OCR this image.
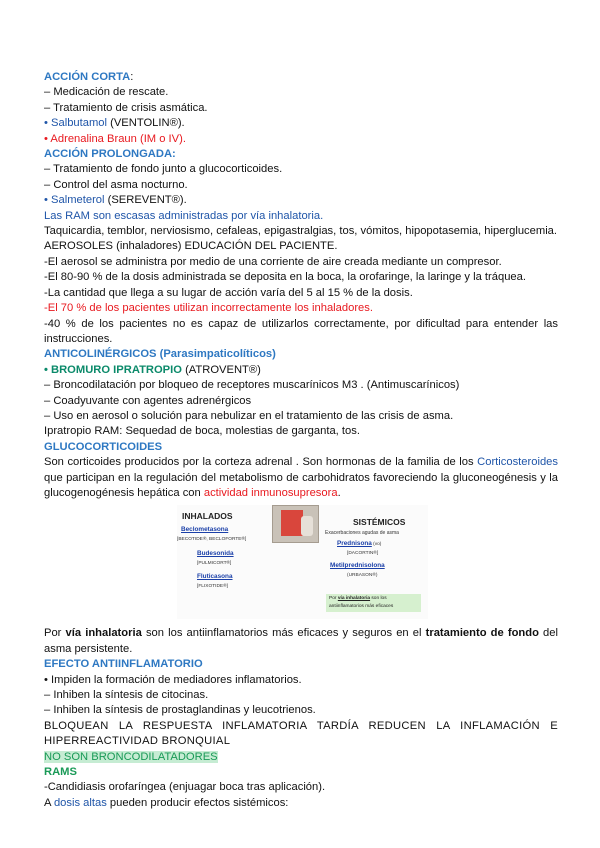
ACCIÓN CORTA:
– Medicación de rescate.
– Tratamiento de crisis asmática.
• Salbutamol (VENTOLIN®).
• Adrenalina Braun (IM o IV).
ACCIÓN PROLONGADA:
– Tratamiento de fondo junto a glucocorticoides.
– Control del asma nocturno.
• Salmeterol (SEREVENT®).
Las RAM son escasas administradas por vía inhalatoria.
Taquicardia, temblor, nerviosismo, cefaleas, epigastralgias, tos, vómitos, hipopotasemia, hiperglucemia.
AEROSOLES (inhaladores) EDUCACIÓN DEL PACIENTE.
-El aerosol se administra por medio de una corriente de aire creada mediante un compresor.
-El 80-90 % de la dosis administrada se deposita en la boca, la orofaringe, la laringe y la tráquea.
-La cantidad que llega a su lugar de acción varía del 5 al 15 % de la dosis.
-El 70 % de los pacientes utilizan incorrectamente los inhaladores.
-40 % de los pacientes no es capaz de utilizarlos correctamente, por dificultad para entender las instrucciones.
ANTICOLINÉRGICOS (Parasimpaticolíticos)
• BROMURO IPRATROPIO (ATROVENT®)
– Broncodilatación por bloqueo de receptores muscarínicos M3 . (Antimuscarínicos)
– Coadyuvante con agentes adrenérgicos
– Uso en aerosol o solución para nebulizar en el tratamiento de las crisis de asma.
Ipratropio RAM: Sequedad de boca, molestias de garganta, tos.
GLUCOCORTICOIDES
Son corticoides producidos por la corteza adrenal . Son hormonas de la familia de los Corticosteroides que participan en la regulación del metabolismo de carbohidratos favoreciendo la gluconeogénesis y la glucogenogénesis hepática con actividad inmunosupresora.
INHALADOS
Beclometasona
[BECOTIDE®, BECLOFORTE®]
Budesonida
[PULMICORT®]
Fluticasona
[FLIXOTIDE®]
SISTÉMICOS
Exacerbaciones agudas de asma
Prednisona (vo)
[DACORTIN®]
Metilprednisolona
(URBASON®)
Por vía inhalatoria son los
antiinflamatorios más eficaces
Por vía inhalatoria son los antiinflamatorios más eficaces y seguros en el tratamiento de fondo del asma persistente.
EFECTO ANTIINFLAMATORIO
• Impiden la formación de mediadores inflamatorios.
– Inhiben la síntesis de citocinas.
– Inhiben la síntesis de prostaglandinas y leucotrienos.
BLOQUEAN LA RESPUESTA INFLAMATORIA TARDÍA REDUCEN LA INFLAMACIÓN E HIPERREACTIVIDAD BRONQUIAL
NO SON BRONCODILATADORES
RAMS
-Candidiasis orofaríngea (enjuagar boca tras aplicación).
A dosis altas pueden producir efectos sistémicos:
